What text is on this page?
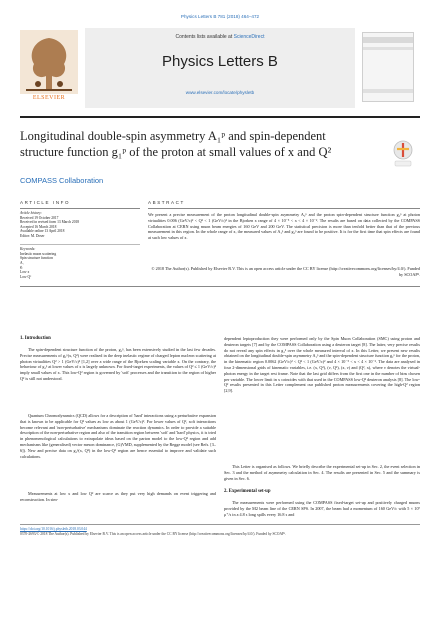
Physics Letters B 781 (2018) 464–472
ELSEVIER
Contents lists available at ScienceDirect
Physics Letters B
www.elsevier.com/locate/physletb
Longitudinal double-spin asymmetry A₁ᵖ and spin-dependent structure function g₁ᵖ of the proton at small values of x and Q²
COMPASS Collaboration
ARTICLE INFO
Article history:
Received 19 October 2017
Received in revised form 13 March 2018
Accepted 16 March 2018
Available online 13 April 2018
Editor: M. Doser
Keywords:
Inelastic muon scattering
Spin structure function
A₁
g₁
Low x
Low Q²
ABSTRACT
We present a precise measurement of the proton longitudinal double-spin asymmetry A₁ᵖ and the proton spin-dependent structure function g₁ᵖ at photon virtualities 0.006 (GeV/c)² < Q² < 1 (GeV/c)² in the Bjorken x range of 4 × 10⁻⁵ < x < 4 × 10⁻². The results are based on data collected by the COMPASS Collaboration at CERN using muon beam energies of 160 GeV and 200 GeV. The statistical precision is more than tenfold better than that of the previous measurement in this region. In the whole range of x, the measured values of A₁ᵖ and g₁ᵖ are found to be positive. It is for the first time that spin effects are found at such low values of x.
© 2018 The Author(s). Published by Elsevier B.V. This is an open access article under the CC BY license (http://creativecommons.org/licenses/by/4.0/). Funded by SCOAP³.
1. Introduction
The spin-dependent structure function of the proton, g₁ᵖ, has been extensively studied in the last few decades. Precise measurements of g₁ᵖ(x, Q²) were realised in the deep inelastic regime of charged lepton nucleon scattering at photon virtualities Q² > 1 (GeV/c)² [1,2] over a wide range of the Bjorken scaling variable x. On the contrary, the behaviour of g₁ᵖ at lower values of x is largely unknown. For fixed-target experiments, the values of Q² ≤ 1 (GeV/c)² imply small values of x. This low-Q² region is governed by 'soft' processes and the transition to the region of higher Q² is still not understood.
Quantum Chromodynamics (QCD) allows for a description of 'hard' interactions using a perturbative expansion that is known to be applicable for Q² values as low as about 1 (GeV/c)². For lower values of Q², soft interactions become relevant and 'non-perturbative' mechanisms dominate the reaction dynamics. In order to provide a suitable description of the non-perturbative region and also of the transition region between 'soft' and 'hard' physics, it is tried in phenomenological calculations to extrapolate ideas based on the parton model to the low-Q² region and add mechanisms like (generalised) vector meson dominance, (G)VMD, supplemented by the Regge model (see Refs. [3–6]). New and precise data on g₁ᵖ(x, Q²) in the low-Q² region are hence essential to improve and validate such calculations.
Measurements at low x and low Q² are scarce as they put very high demands on event triggering and reconstruction. In sim-
dependent leptoproduction they were performed only by the Spin Muon Collaboration (SMC) using proton and deuteron targets [7] and by the COMPASS Collaboration using a deuteron target [8]. The latter, very precise results do not reveal any spin effects in g₁ᵈ over the whole measured interval of x. In this Letter, we present new results obtained on the longitudinal double-spin asymmetry A₁ᵖ and the spin-dependent structure function g₁ᵖ for the proton, in the kinematic region 0.0062 (GeV/c)² < Q² < 1 (GeV/c)² and 4 × 10⁻⁵ < x < 4 × 10⁻². The data are analysed in four 2-dimensional grids of kinematic variables, i.e. (x, Q²), (ν, Q²), (x, ν) and (Q², x), where ν denotes the virtual-photon energy in the target rest frame. Note that the last grid differs from the first one in the number of bins chosen per variable. The lower limit in x coincides with that used in the COMPASS low-Q² deuteron analysis [8]. The low-Q² results presented in this Letter complement our published proton measurements covering the high-Q² region [2,9].
This Letter is organised as follows. We briefly describe the experimental set-up in Sec. 2, the event selection in Sec. 3 and the method of asymmetry calculation in Sec. 4. The results are presented in Sec. 5 and the summary is given in Sec. 6.
2. Experimental set-up
The measurements were performed using the COMPASS fixed-target set-up and positively charged muons provided by the M2 beam line of the CERN SPS. In 2007, the beam had a momentum of 160 GeV/c with 5 × 10⁷ μ⁺/s in a 4.8 s long spills every 16.8 s and
https://doi.org/10.1016/j.physletb.2018.03.044
0370-2693/© 2018 The Author(s). Published by Elsevier B.V. This is an open access article under the CC BY license (http://creativecommons.org/licenses/by/4.0/). Funded by SCOAP³.
